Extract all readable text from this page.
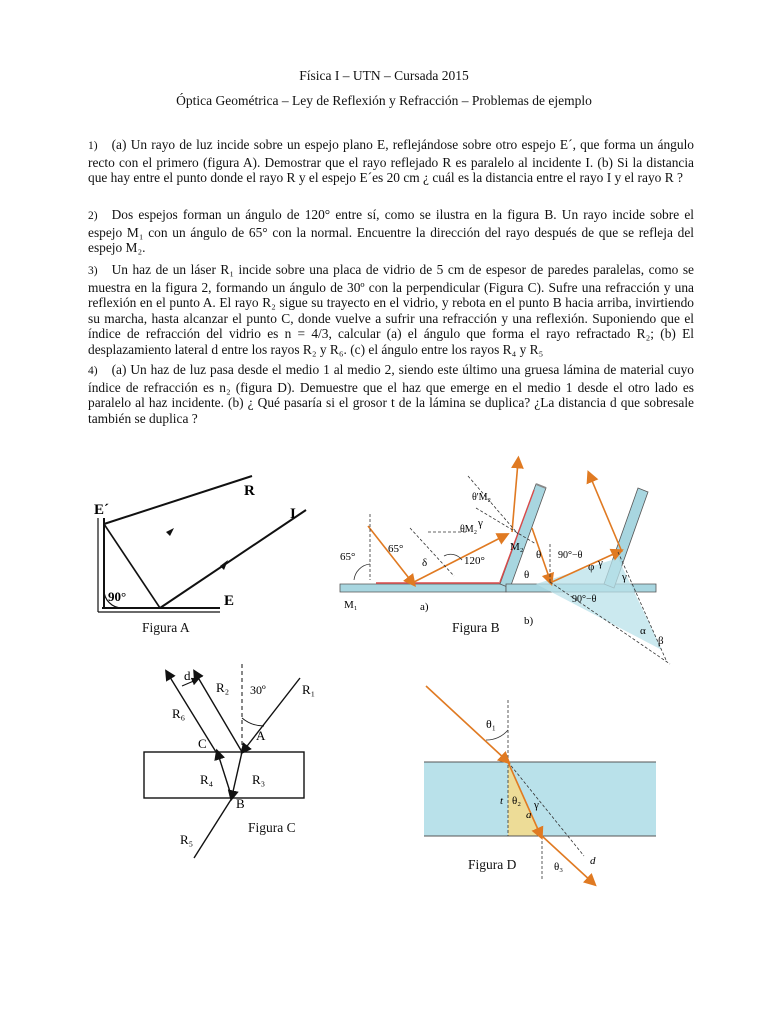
Física I – UTN – Cursada 2015
Óptica Geométrica – Ley de Reflexión y Refracción – Problemas de ejemplo

1) (a) Un rayo de luz incide sobre un espejo plano E, reflejándose sobre otro espejo E´, que forma un ángulo recto con el primero (figura A). Demostrar que el rayo reflejado R es paralelo al incidente I. (b) Si la distancia que hay entre el punto donde el rayo R y el espejo E´es 20 cm ¿ cuál es la distancia entre el rayo I y el rayo R ?

2) Dos espejos forman un ángulo de 120° entre sí, como se ilustra en la figura B. Un rayo incide sobre el espejo M₁ con un ángulo de 65° con la normal. Encuentre la dirección del rayo después de que se refleja del espejo M₂.

3) Un haz de un láser R₁ incide sobre una placa de vidrio de 5 cm de espesor de paredes paralelas, como se muestra en la figura 2, formando un ángulo de 30º con la perpendicular (Figura C). Sufre una refracción y una reflexión en el punto A. El rayo R₂ sigue su trayecto en el vidrio, y rebota en el punto B hacia arriba, invirtiendo su marcha, hasta alcanzar el punto C, donde vuelve a sufrir una refracción y una reflexión. Suponiendo que el índice de refracción del vidrio es n = 4/3, calcular (a) el ángulo que forma el rayo refractado R₂; (b) El desplazamiento lateral d entre los rayos R₂ y R₆. (c) el ángulo entre los rayos R₄ y R₅

4) (a) Un haz de luz pasa desde el medio 1 al medio 2, siendo este último una gruesa lámina de material cuyo índice de refracción es n₂ (figura D). Demuestre que el haz que emerge en el medio 1 desde el otro lado es paralelo al haz incidente. (b) ¿ Qué pasaría si el grosor t de la lámina se duplica? ¿La distancia d que sobresale también se duplica ?

E´
E
R
I
90°
Figura A
65°
65°
δ	120°
γ
θM₂
θ'M₂
M₂
M₁	a)
θ
θ
90°−θ
90°−θ
φ γ
γ
α
β
b)
Figura B
d
R₂ 30º	R₁
R₆
C
A
R₄	R₃
B
R₅
Figura C
θ₁
θ₂
θ₃
t
a
γ
d
Figura D
